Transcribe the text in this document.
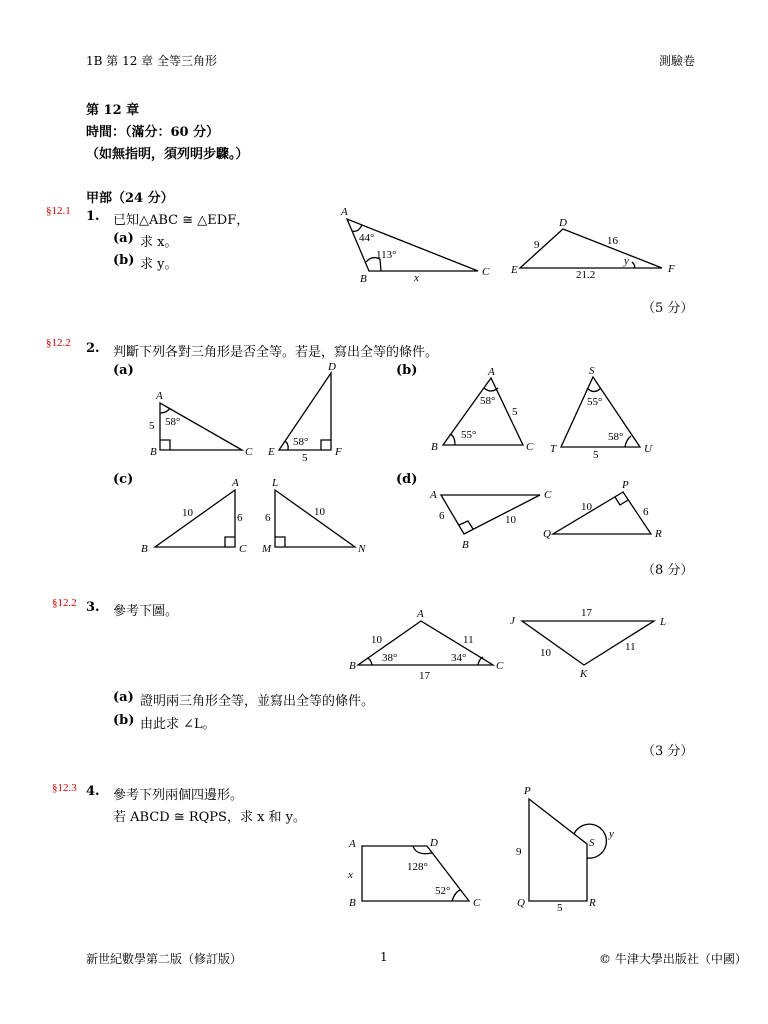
1B 第 12 章 全等三角形	測驗卷
第 12 章
時間：（滿分：60 分）
（如無指明，須列明步驟。）
甲部（24 分）
§12.1 1. 已知△ABC ≅ △EDF，
(a) 求 x。
(b) 求 y。
（5 分）
§12.2 2. 判斷下列各對三角形是否全等。若是，寫出全等的條件。
(a)	(b)
(c)	(d)
（8 分）
§12.2 3. 參考下圖。
(a) 證明兩三角形全等，並寫出全等的條件。
(b) 由此求 ∠L。
（3 分）
§12.3 4. 參考下列兩個四邊形。
若 ABCD ≅ RQPS，求 x 和 y。
新世紀數學第二版（修訂版）	1	© 牛津大學出版社（中國）
A
B
C
x
44°
113°
D
E	F
9	16
y
21.2
A
B	C
5 58°
D
E	F
58°
5
A
B	C
5
58°
55°
S
T	U
55°
58°
5
A
B	C
10	6
L
M	N
6	10
A
B
C
6	10
P
Q	R
10	6
A
B	C
10	11
17
38°	34°
J
K
L
17
10	11
A
B	C
D
x
128°
52°
P
Q	R
S
9
5
y
